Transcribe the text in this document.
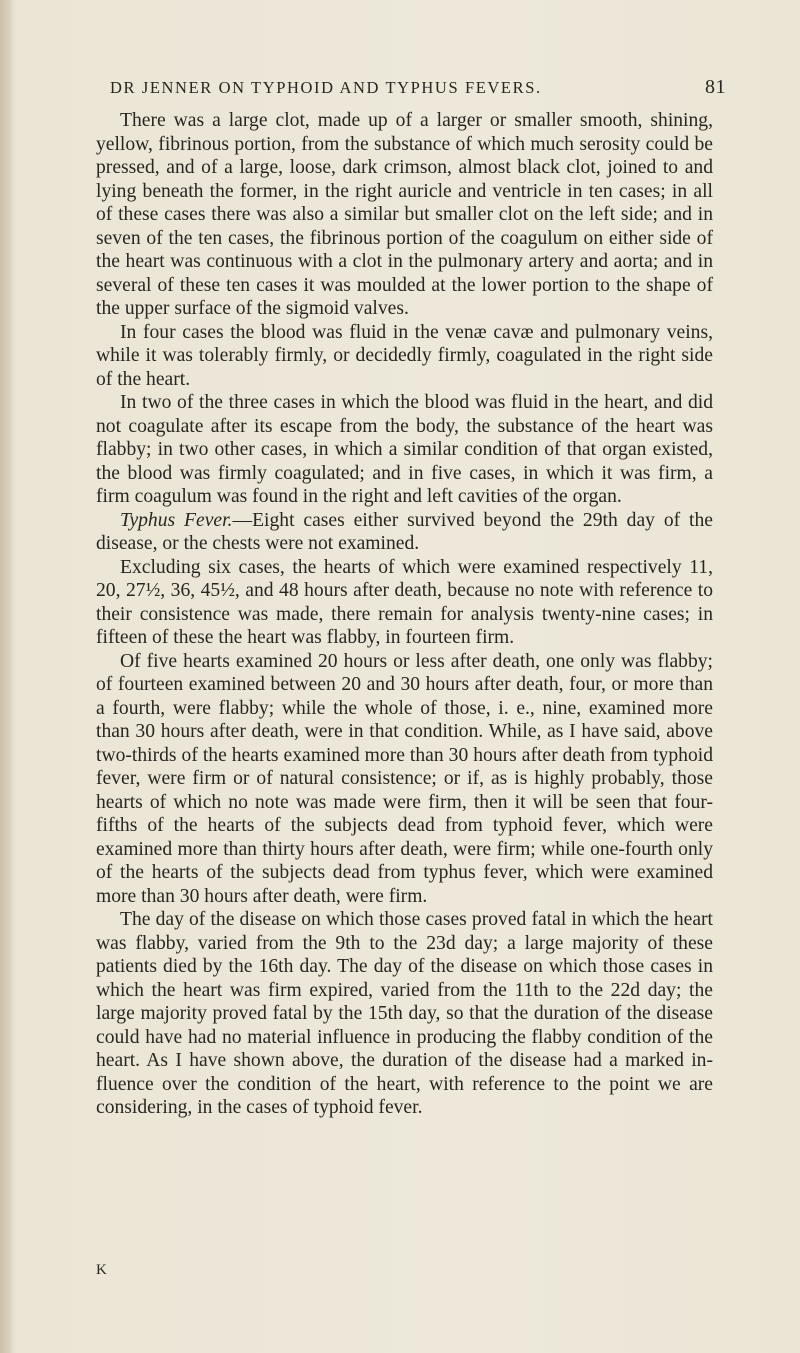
DR JENNER ON TYPHOID AND TYPHUS FEVERS.	81

There was a large clot, made up of a larger or smaller smooth, shining, yellow, fibrinous portion, from the substance of which much serosity could be pressed, and of a large, loose, dark crimson, almost black clot, joined to and lying beneath the former, in the right auricle and ventricle in ten cases; in all of these cases there was also a similar but smaller clot on the left side; and in seven of the ten cases, the fibrinous portion of the coagulum on either side of the heart was continuous with a clot in the pulmonary artery and aorta; and in several of these ten cases it was moulded at the lower portion to the shape of the upper surface of the sigmoid valves.

In four cases the blood was fluid in the venæ cavæ and pulmonary veins, while it was tolerably firmly, or decidedly firmly, coagulated in the right side of the heart.

In two of the three cases in which the blood was fluid in the heart, and did not coagulate after its escape from the body, the substance of the heart was flabby; in two other cases, in which a similar condition of that organ existed, the blood was firmly coagulated; and in five cases, in which it was firm, a firm coagulum was found in the right and left cavities of the organ.

Typhus Fever.—Eight cases either survived beyond the 29th day of the disease, or the chests were not examined.

Excluding six cases, the hearts of which were examined respectively 11, 20, 27½, 36, 45½, and 48 hours after death, because no note with reference to their consistence was made, there remain for analysis twenty-nine cases; in fifteen of these the heart was flabby, in fourteen firm.

Of five hearts examined 20 hours or less after death, one only was flabby; of fourteen examined between 20 and 30 hours after death, four, or more than a fourth, were flabby; while the whole of those, i. e., nine, examined more than 30 hours after death, were in that condition. While, as I have said, above two-thirds of the hearts examined more than 30 hours after death from typhoid fever, were firm or of natural consistence; or if, as is highly probably, those hearts of which no note was made were firm, then it will be seen that four-fifths of the hearts of the subjects dead from typhoid fever, which were examined more than thirty hours after death, were firm; while one-fourth only of the hearts of the subjects dead from typhus fever, which were examined more than 30 hours after death, were firm.

The day of the disease on which those cases proved fatal in which the heart was flabby, varied from the 9th to the 23d day; a large majority of these patients died by the 16th day. The day of the disease on which those cases in which the heart was firm expired, varied from the 11th to the 22d day; the large majority proved fatal by the 15th day, so that the duration of the disease could have had no material influence in producing the flabby condition of the heart. As I have shown above, the duration of the disease had a marked influence over the condition of the heart, with reference to the point we are considering, in the cases of typhoid fever.

K
